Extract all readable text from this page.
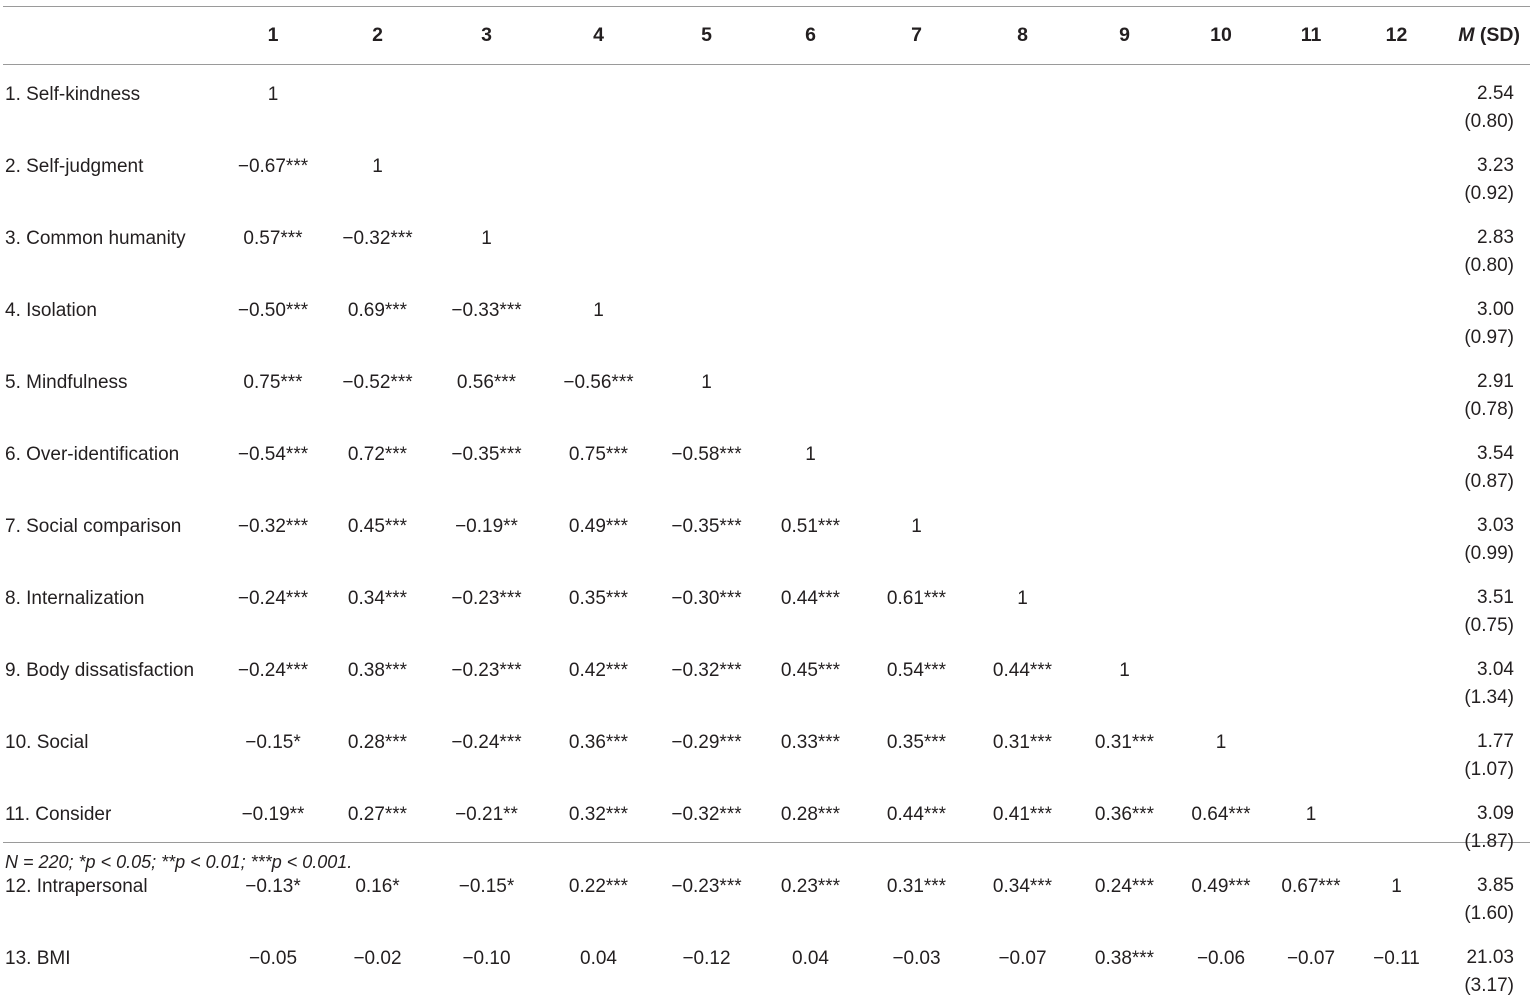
	1	2	3	4	5	6	7	8	9	10	11	12	M (SD)
1. Self-kindness	1												2.54
(0.80)

2. Self-judgment	−0.67***	1											3.23
(0.92)

3. Common humanity	0.57***	−0.32***	1										2.83
(0.80)

4. Isolation	−0.50***	0.69***	−0.33***	1									3.00
(0.97)

5. Mindfulness	0.75***	−0.52***	0.56***	−0.56***	1								2.91
(0.78)

6. Over-identification	−0.54***	0.72***	−0.35***	0.75***	−0.58***	1							3.54
(0.87)

7. Social comparison	−0.32***	0.45***	−0.19**	0.49***	−0.35***	0.51***	1						3.03
(0.99)

8. Internalization	−0.24***	0.34***	−0.23***	0.35***	−0.30***	0.44***	0.61***	1					3.51
(0.75)

9. Body dissatisfaction	−0.24***	0.38***	−0.23***	0.42***	−0.32***	0.45***	0.54***	0.44***	1				3.04
(1.34)

10. Social	−0.15*	0.28***	−0.24***	0.36***	−0.29***	0.33***	0.35***	0.31***	0.31***	1			1.77
(1.07)

11. Consider	−0.19**	0.27***	−0.21**	0.32***	−0.32***	0.28***	0.44***	0.41***	0.36***	0.64***	1		3.09
(1.87)

12. Intrapersonal	−0.13*	0.16*	−0.15*	0.22***	−0.23***	0.23***	0.31***	0.34***	0.24***	0.49***	0.67***	1	3.85
(1.60)

13. BMI	−0.05	−0.02	−0.10	0.04	−0.12	0.04	−0.03	−0.07	0.38***	−0.06	−0.07	−0.11	21.03
(3.17)
N = 220; *p < 0.05; **p < 0.01; ***p < 0.001.
